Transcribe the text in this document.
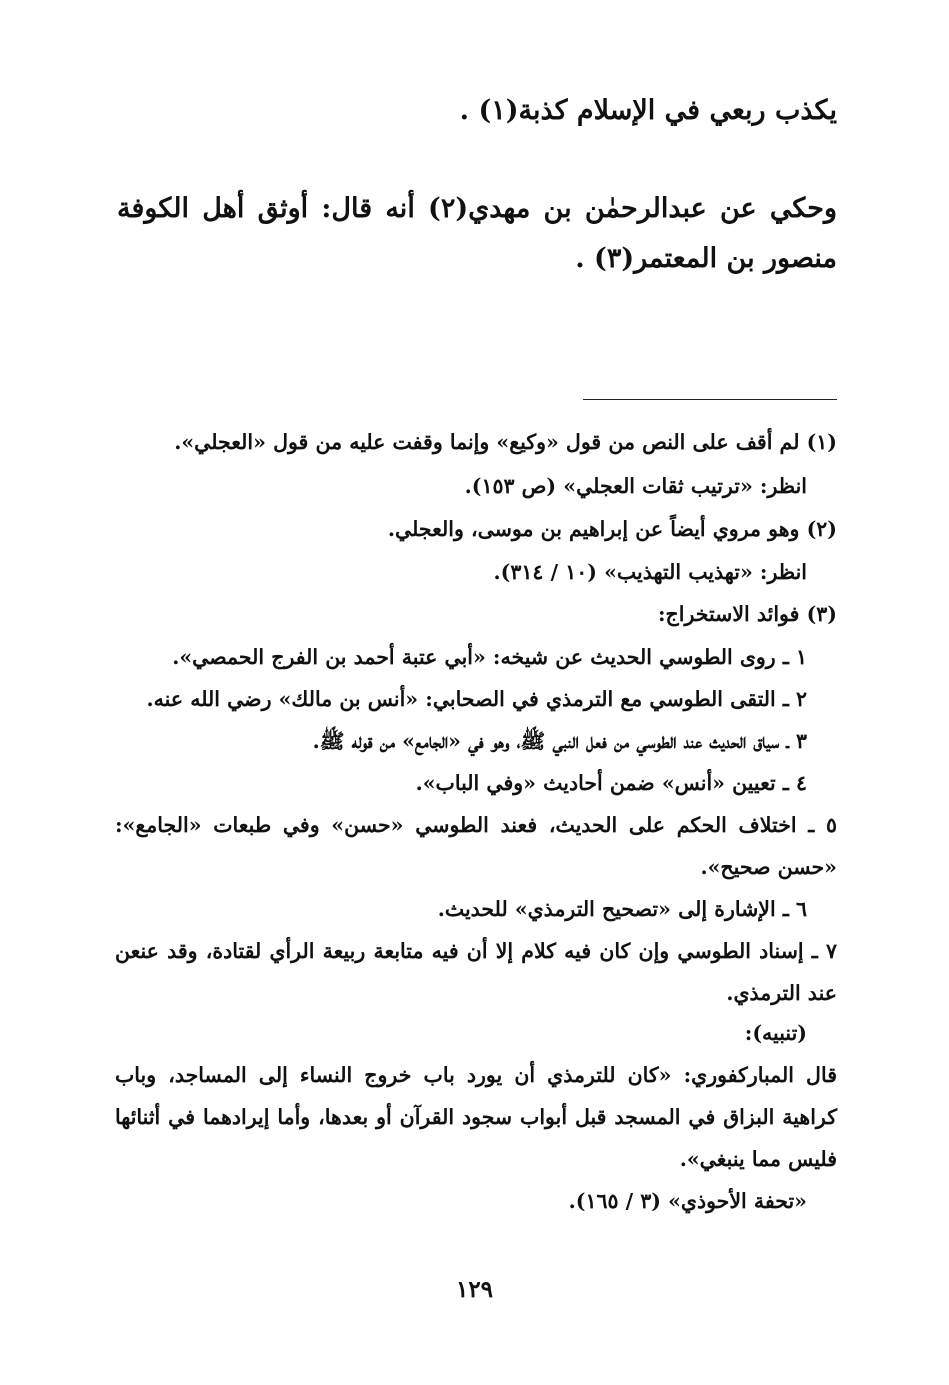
يكذب ربعي في الإسلام كذبة(١) .
وحكي عن عبدالرحمٰن بن مهدي(٢) أنه قال: أوثق أهل الكوفة
منصور بن المعتمر(٣) .
(١) لم أقف على النص من قول «وكيع» وإنما وقفت عليه من قول «العجلي».
انظر: «ترتيب ثقات العجلي» (ص ١٥٣).
(٢) وهو مروي أيضاً عن إبراهيم بن موسى، والعجلي.
انظر: «تهذيب التهذيب» (١٠ / ٣١٤).
(٣) فوائد الاستخراج:
١ ـ روى الطوسي الحديث عن شيخه: «أبي عتبة أحمد بن الفرج الحمصي».
٢ ـ التقى الطوسي مع الترمذي في الصحابي: «أنس بن مالك» رضي الله عنه.
٣ ـ سياق الحديث عند الطوسي من فعل النبي ﷺ، وهو في «الجامع» من قوله ﷺ.
٤ ـ تعيين «أنس» ضمن أحاديث «وفي الباب».
٥ ـ اختلاف الحكم على الحديث، فعند الطوسي «حسن» وفي طبعات «الجامع»:
«حسن صحيح».
٦ ـ الإشارة إلى «تصحيح الترمذي» للحديث.
٧ ـ إسناد الطوسي وإن كان فيه كلام إلا أن فيه متابعة ربيعة الرأي لقتادة، وقد عنعن
عند الترمذي.
(تنبيه):
قال المباركفوري: «كان للترمذي أن يورد باب خروج النساء إلى المساجد، وباب
كراهية البزاق في المسجد قبل أبواب سجود القرآن أو بعدها، وأما إيرادهما في أثنائها
فليس مما ينبغي».
«تحفة الأحوذي» (٣ / ١٦٥).
١٢٩
